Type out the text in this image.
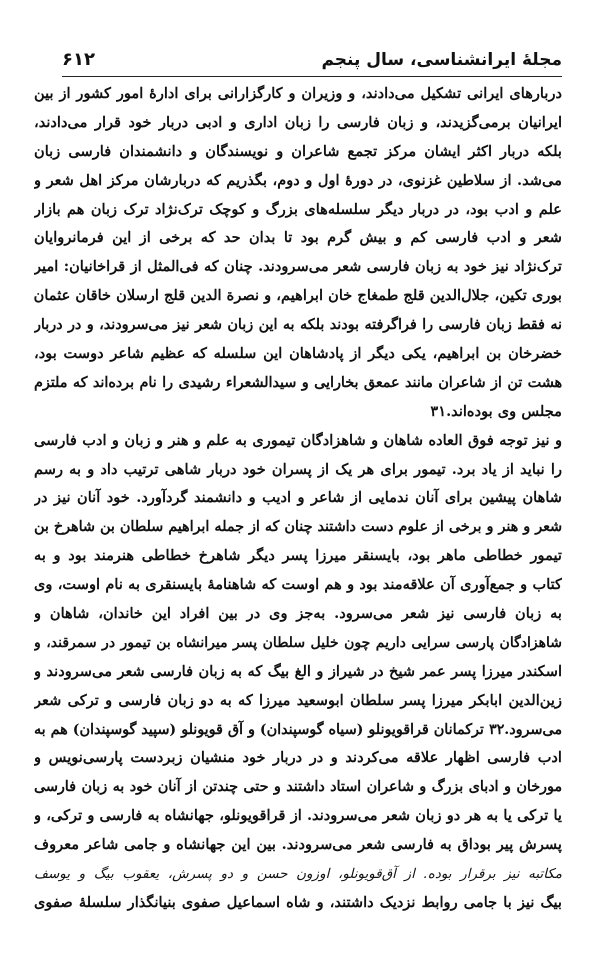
مجلهٔ ایرانشناسی، سال پنجم
۶۱۲
دربارهای ایرانی تشکیل می‌دادند، و وزیران و کارگزارانی برای ادارهٔ امور کشور از بین
ایرانیان برمی‌گزیدند، و زبان فارسی را زبان اداری و ادبی دربار خود قرار می‌دادند،
بلکه دربار اکثر ایشان مرکز تجمع شاعران و نویسندگان و دانشمندان فارسی زبان
می‌شد. از سلاطین غزنوی، در دورهٔ اول و دوم، بگذریم که دربارشان مرکز اهل شعر و
علم و ادب بود، در دربار دیگر سلسله‌های بزرگ و کوچک ترک‌نژاد ترک زبان هم بازار
شعر و ادب فارسی کم و بیش گرم بود تا بدان حد که برخی از این فرمانروایان
ترک‌نژاد نیز خود به زبان فارسی شعر می‌سرودند. چنان که فی‌المثل از قراخانیان: امیر
بوری تکین، جلال‌الدین قلج طمغاج خان ابراهیم، و نصرة الدین قلج ارسلان خاقان عثمان
نه فقط زبان فارسی را فراگرفته بودند بلکه به این زبان شعر نیز می‌سرودند، و در دربار
خضرخان بن ابراهیم، یکی دیگر از پادشاهان این سلسله که عظیم شاعر دوست بود،
هشت تن از شاعران مانند عمعق بخارایی و سیدالشعراء رشیدی را نام برده‌اند که ملتزم
مجلس وی بوده‌اند.۳۱
و نیز توجه فوق العاده شاهان و شاهزادگان تیموری به علم و هنر و زبان و ادب فارسی
را نباید از یاد برد. تیمور برای هر یک از پسران خود دربار شاهی ترتیب داد و به رسم
شاهان پیشین برای آنان ندمایی از شاعر و ادیب و دانشمند گردآورد. خود آنان نیز در
شعر و هنر و برخی از علوم دست داشتند چنان که از جمله ابراهیم سلطان بن شاهرخ بن
تیمور خطاطی ماهر بود، بایسنقر میرزا پسر دیگر شاهرخ خطاطی هنرمند بود و به
کتاب و جمع‌آوری آن علاقه‌مند بود و هم اوست که شاهنامهٔ بایسنقری به نام اوست، وی
به زبان فارسی نیز شعر می‌سرود. به‌جز وی در بین افراد این خاندان، شاهان و
شاهزادگان پارسی سرایی داریم چون خلیل سلطان پسر میرانشاه بن تیمور در سمرقند، و
اسکندر میرزا پسر عمر شیخ در شیراز و الغ بیگ که به زبان فارسی شعر می‌سرودند و
زین‌الدین ابابکر میرزا پسر سلطان ابوسعید میرزا که به دو زبان فارسی و ترکی شعر
می‌سرود.۳۲ ترکمانان قراقویونلو (سیاه گوسپندان) و آق قویونلو (سپید گوسپندان) هم به
ادب فارسی اظهار علاقه می‌کردند و در دربار خود منشیان زبردست پارسی‌نویس و
مورخان و ادبای بزرگ و شاعران استاد داشتند و حتی چندتن از آنان خود به زبان فارسی
یا ترکی یا به هر دو زبان شعر می‌سرودند. از قراقویونلو، جهانشاه به فارسی و ترکی، و
پسرش پیر بوداق به فارسی شعر می‌سرودند. بین این جهانشاه و جامی شاعر معروف
مکاتبه نیز برقرار بوده. از آق‌قویونلو، اوزون حسن و دو پسرش، یعقوب بیگ و یوسف
بیگ نیز با جامی روابط نزدیک داشتند، و شاه اسماعیل صفوی بنیانگذار سلسلهٔ صفوی
